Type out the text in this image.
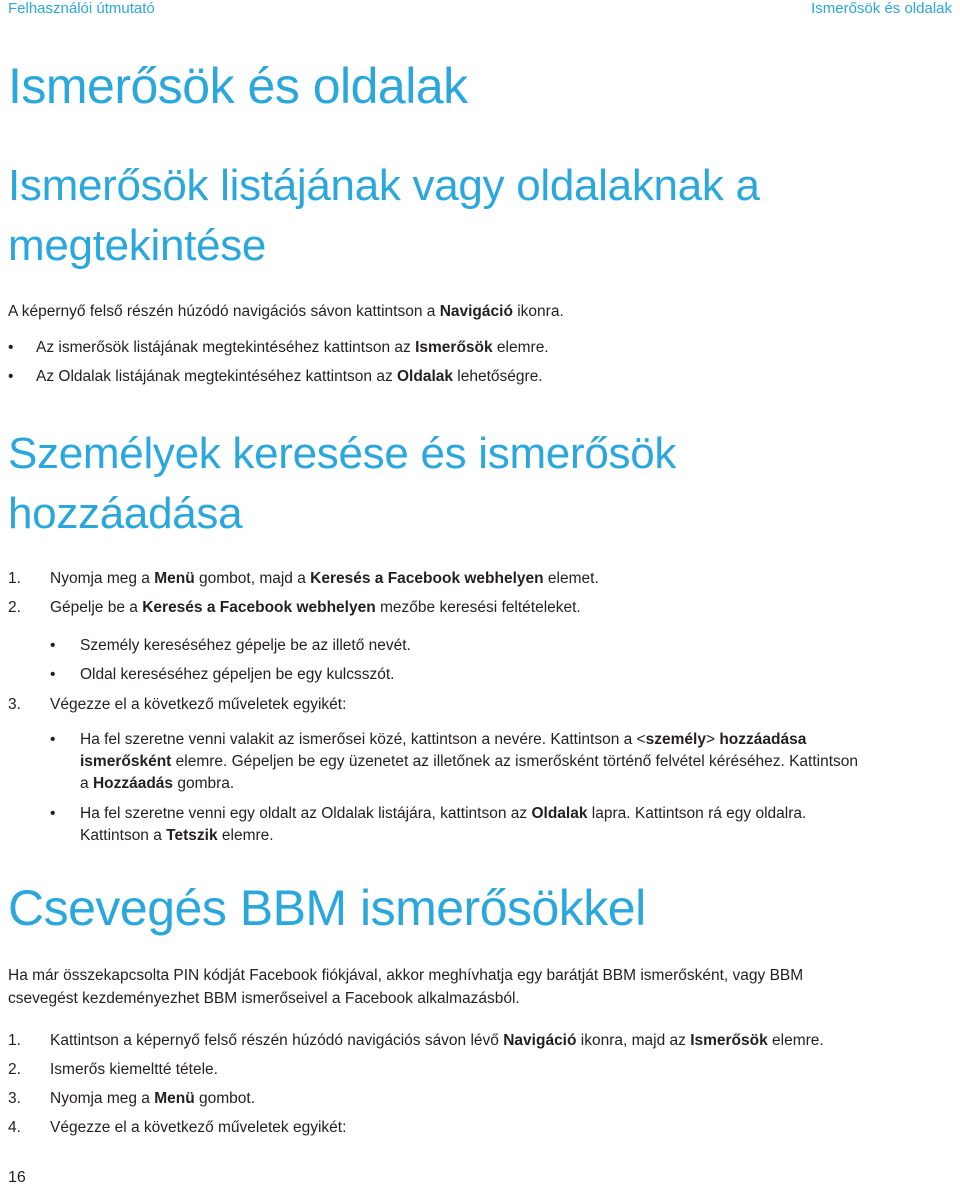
Felhasználói útmutató	Ismerősök és oldalak
Ismerősök és oldalak
Ismerősök listájának vagy oldalaknak a
megtekintése

A képernyő felső részén húzódó navigációs sávon kattintson a Navigáció ikonra.

• Az ismerősök listájának megtekintéséhez kattintson az Ismerősök elemre.
• Az Oldalak listájának megtekintéséhez kattintson az Oldalak lehetőségre.
Személyek keresése és ismerősök
hozzáadása
1. Nyomja meg a Menü gombot, majd a Keresés a Facebook webhelyen elemet.
2. Gépelje be a Keresés a Facebook webhelyen mezőbe keresési feltételeket.
• Személy kereséséhez gépelje be az illető nevét.
• Oldal kereséséhez gépeljen be egy kulcsszót.
3. Végezze el a következő műveletek egyikét:
• Ha fel szeretne venni valakit az ismerősei közé, kattintson a nevére. Kattintson a <személy> hozzáadása
ismerősként elemre. Gépeljen be egy üzenetet az illetőnek az ismerősként történő felvétel kéréséhez. Kattintson
a Hozzáadás gombra.
• Ha fel szeretne venni egy oldalt az Oldalak listájára, kattintson az Oldalak lapra. Kattintson rá egy oldalra.
Kattintson a Tetszik elemre.
Csevegés BBM ismerősökkel

Ha már összekapcsolta PIN kódját Facebook fiókjával, akkor meghívhatja egy barátját BBM ismerősként, vagy BBM

csevegést kezdeményezhet BBM ismerőseivel a Facebook alkalmazásból.

1. Kattintson a képernyő felső részén húzódó navigációs sávon lévő Navigáció ikonra, majd az Ismerősök elemre.
2. Ismerős kiemeltté tétele.
3. Nyomja meg a Menü gombot.
4. Végezze el a következő műveletek egyikét:
16
